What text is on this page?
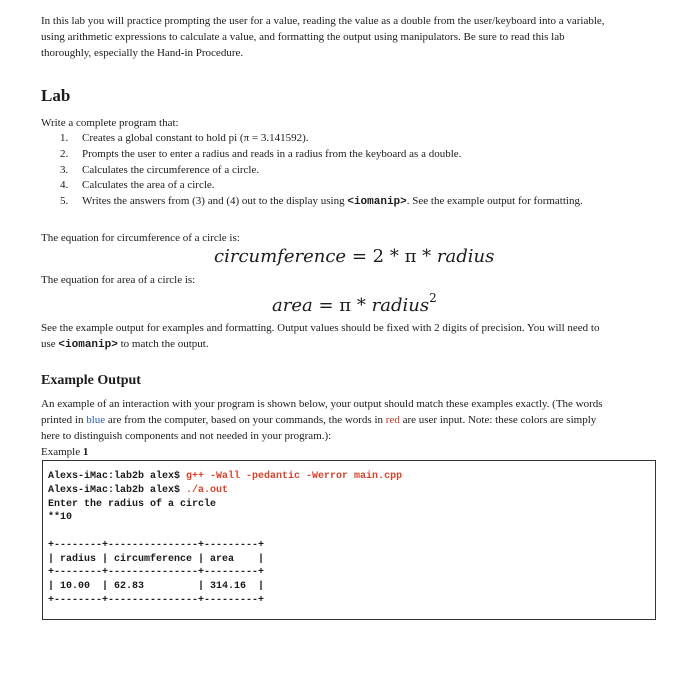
In this lab you will practice prompting the user for a value, reading the value as a double from the user/keyboard into a variable,

using arithmetic expressions to calculate a value, and formatting the output using manipulators. Be sure to read this lab

thoroughly, especially the Hand-in Procedure.

Lab

Write a complete program that:

1. Creates a global constant to hold pi (π = 3.141592).
2. Prompts the user to enter a radius and reads in a radius from the keyboard as a double.
3. Calculates the circumference of a circle.
4. Calculates the area of a circle.
5. Writes the answers from (3) and (4) out to the display using <iomanip>. See the example output for formatting.

The equation for circumference of a circle is:

circumference = 2 * π * radius

The equation for area of a circle is:

area = π * radius$^2$

See the example output for examples and formatting. Output values should be fixed with 2 digits of precision. You will need to

use <iomanip> to match the output.

Example Output

An example of an interaction with your program is shown below, your output should match these examples exactly. (The words

printed in blue are from the computer, based on your commands, the words in red are user input. Note: these colors are simply

here to distinguish components and not needed in your program.):

Example 1

Alexs-iMac:lab2b alex$ g++ -Wall -pedantic -Werror main.cpp
Alexs-iMac:lab2b alex$ ./a.out
Enter the radius of a circle
**10
+--------+---------------+---------+
| radius | circumference | area    |
+--------+---------------+---------+
| 10.00  | 62.83         | 314.16  |
+--------+---------------+---------+
